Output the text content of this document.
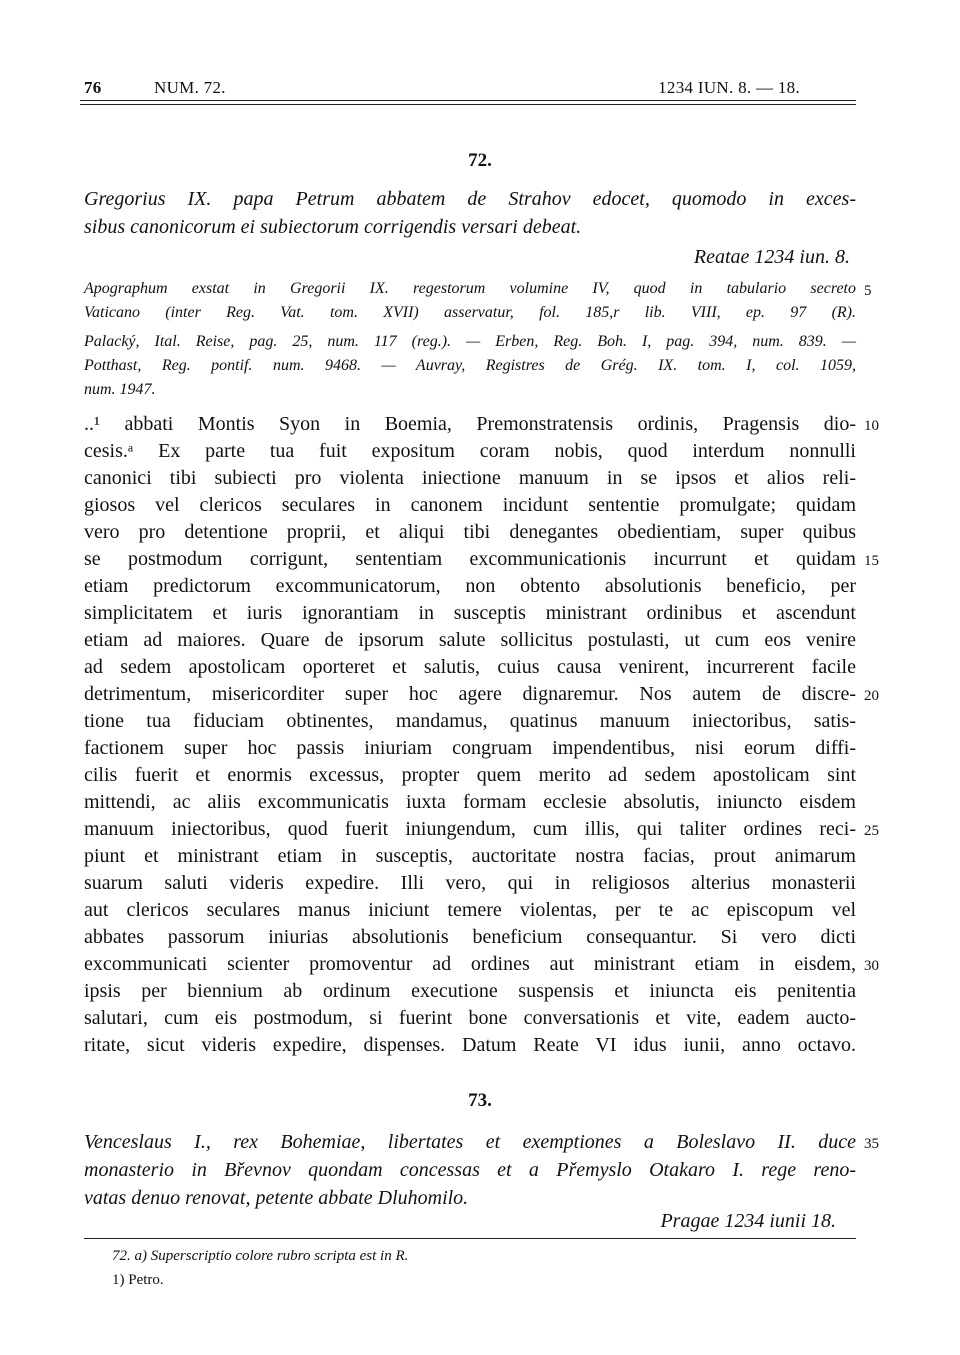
76	NUM. 72.	1234 IUN. 8. — 18.
72.
Gregorius IX. papa Petrum abbatem de Strahov edocet, quomodo in exces-
sibus canonicorum ei subiectorum corrigendis versari debeat.
Reatae 1234 iun. 8.
Apographum exstat in Gregorii IX. regestorum volumine IV, quod in tabulario secreto
Vaticano (inter Reg. Vat. tom. XVII) asservatur, fol. 185,r lib. VIII, ep. 97 (R).
Palacký, Ital. Reise, pag. 25, num. 117 (reg.). — Erben, Reg. Boh. I, pag. 394, num. 839. —
Potthast, Reg. pontif. num. 9468. — Auvray, Registres de Grég. IX. tom. I, col. 1059,
num. 1947.
..¹ abbati Montis Syon in Boemia, Premonstratensis ordinis, Pragensis dio-
cesis.ᵃ Ex parte tua fuit expositum coram nobis, quod interdum nonnulli
canonici tibi subiecti pro violenta iniectione manuum in se ipsos et alios reli-
giosos vel clericos seculares in canonem incidunt sententie promulgate; quidam
vero pro detentione proprii, et aliqui tibi denegantes obedientiam, super quibus
se postmodum corrigunt, sententiam excommunicationis incurrunt et quidam
etiam predictorum excommunicatorum, non obtento absolutionis beneficio, per
simplicitatem et iuris ignorantiam in susceptis ministrant ordinibus et ascendunt
etiam ad maiores. Quare de ipsorum salute sollicitus postulasti, ut cum eos venire
ad sedem apostolicam oporteret et salutis, cuius causa venirent, incurrerent facile
detrimentum, misericorditer super hoc agere dignaremur. Nos autem de discre-
tione tua fiduciam obtinentes, mandamus, quatinus manuum iniectoribus, satis-
factionem super hoc passis iniuriam congruam impendentibus, nisi eorum diffi-
cilis fuerit et enormis excessus, propter quem merito ad sedem apostolicam sint
mittendi, ac aliis excommunicatis iuxta formam ecclesie absolutis, iniuncto eisdem
manuum iniectoribus, quod fuerit iniungendum, cum illis, qui taliter ordines reci-
piunt et ministrant etiam in susceptis, auctoritate nostra facias, prout animarum
suarum saluti videris expedire. Illi vero, qui in religiosos alterius monasterii
aut clericos seculares manus iniciunt temere violentas, per te ac episcopum vel
abbates passorum iniurias absolutionis beneficium consequantur. Si vero dicti
excommunicati scienter promoventur ad ordines aut ministrant etiam in eisdem,
ipsis per biennium ab ordinum executione suspensis et iniuncta eis penitentia
salutari, cum eis postmodum, si fuerint bone conversationis et vite, eadem aucto-
ritate, sicut videris expedire, dispenses. Datum Reate VI idus iunii, anno octavo.
5
10
15
20
25
30
35
73.
Venceslaus I., rex Bohemiae, libertates et exemptiones a Boleslavo II. duce
monasterio in Břevnov quondam concessas et a Přemyslo Otakaro I. rege reno-
vatas denuo renovat, petente abbate Dluhomilo.
Pragae 1234 iunii 18.
72. a) Superscriptio colore rubro scripta est in R.
1) Petro.
